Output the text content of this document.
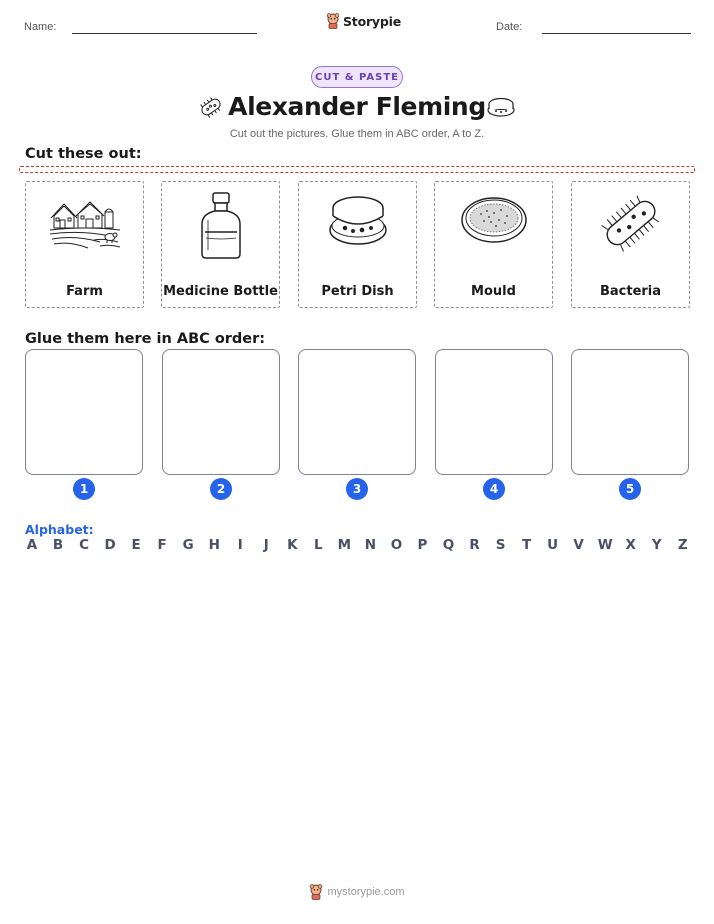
Name:	Storypie	Date:
CUT & PASTE
Alexander Fleming
Cut out the pictures. Glue them in ABC order, A to Z.
Cut these out:
Farm	Medicine Bottle	Petri Dish	Mould	Bacteria
Glue them here in ABC order:
1	2	3	4	5
Alphabet:
A B C D E F G H	I	J	K L M N O P Q R S T U V W X Y Z
mystorypie.com
